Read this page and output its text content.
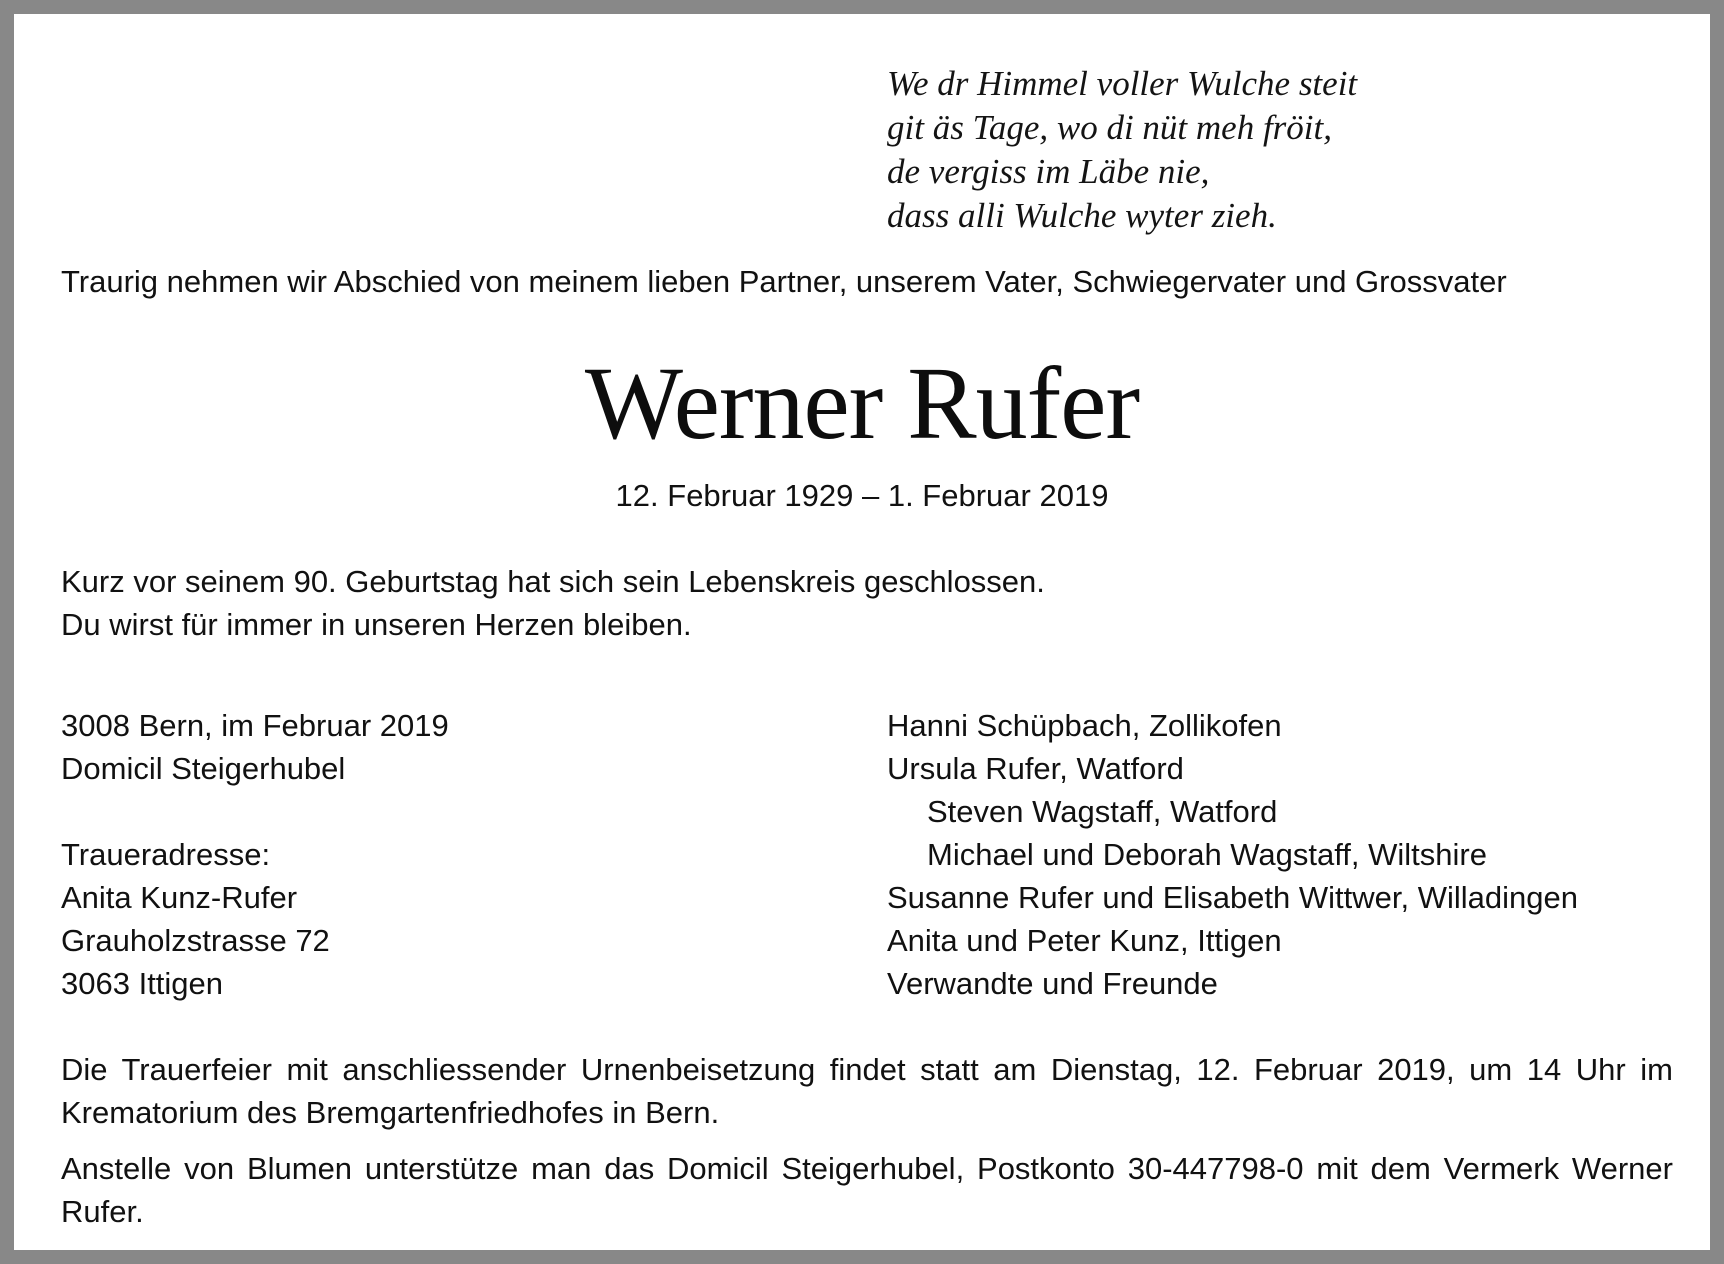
We dr Himmel voller Wulche steit
git äs Tage, wo di nüt meh fröit,
de vergiss im Läbe nie,
dass alli Wulche wyter zieh.
Traurig nehmen wir Abschied von meinem lieben Partner, unserem Vater, Schwiegervater und Grossvater
Werner Rufer
12. Februar 1929 – 1. Februar 2019
Kurz vor seinem 90. Geburtstag hat sich sein Lebenskreis geschlossen.
Du wirst für immer in unseren Herzen bleiben.
3008 Bern, im Februar 2019
Domicil Steigerhubel
Traueradresse:
Anita Kunz-Rufer
Grauholzstrasse 72
3063 Ittigen
Hanni Schüpbach, Zollikofen
Ursula Rufer, Watford
Steven Wagstaff, Watford
Michael und Deborah Wagstaff, Wiltshire
Susanne Rufer und Elisabeth Wittwer, Willadingen
Anita und Peter Kunz, Ittigen
Verwandte und Freunde
Die Trauerfeier mit anschliessender Urnenbeisetzung findet statt am Dienstag, 12. Februar 2019, um 14 Uhr im Krematorium des Bremgartenfriedhofes in Bern.
Anstelle von Blumen unterstütze man das Domicil Steigerhubel, Postkonto 30-447798-0 mit dem Vermerk Werner Rufer.
